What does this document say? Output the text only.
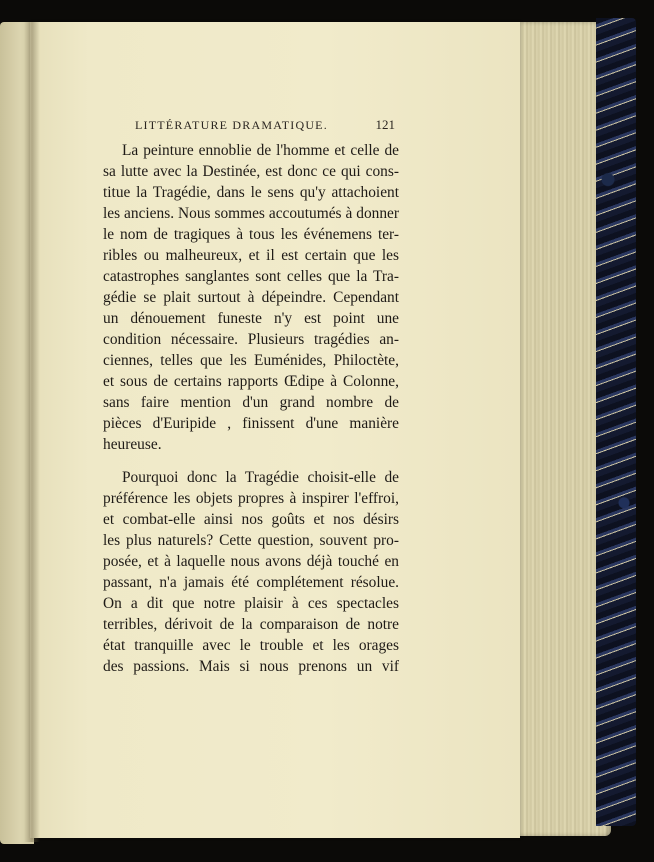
LITTÉRATURE DRAMATIQUE.	121
La peinture ennoblie de l'homme et celle de
sa lutte avec la Destinée, est donc ce qui cons-
titue la Tragédie, dans le sens qu'y attachoient
les anciens. Nous sommes accoutumés à donner
le nom de tragiques à tous les événemens ter-
ribles ou malheureux, et il est certain que les
catastrophes sanglantes sont celles que la Tra-
gédie se plait surtout à dépeindre. Cependant
un dénouement funeste n'y est point une
condition nécessaire. Plusieurs tragédies an-
ciennes, telles que les Euménides, Philoctète,
et sous de certains rapports Œdipe à Colonne,
sans faire mention d'un grand nombre de
pièces d'Euripide , finissent d'une manière
heureuse.
Pourquoi donc la Tragédie choisit-elle de
préférence les objets propres à inspirer l'effroi,
et combat-elle ainsi nos goûts et nos désirs
les plus naturels? Cette question, souvent pro-
posée, et à laquelle nous avons déjà touché en
passant, n'a jamais été complétement résolue.
On a dit que notre plaisir à ces spectacles
terribles, dérivoit de la comparaison de notre
état tranquille avec le trouble et les orages
des passions. Mais si nous prenons un vif
